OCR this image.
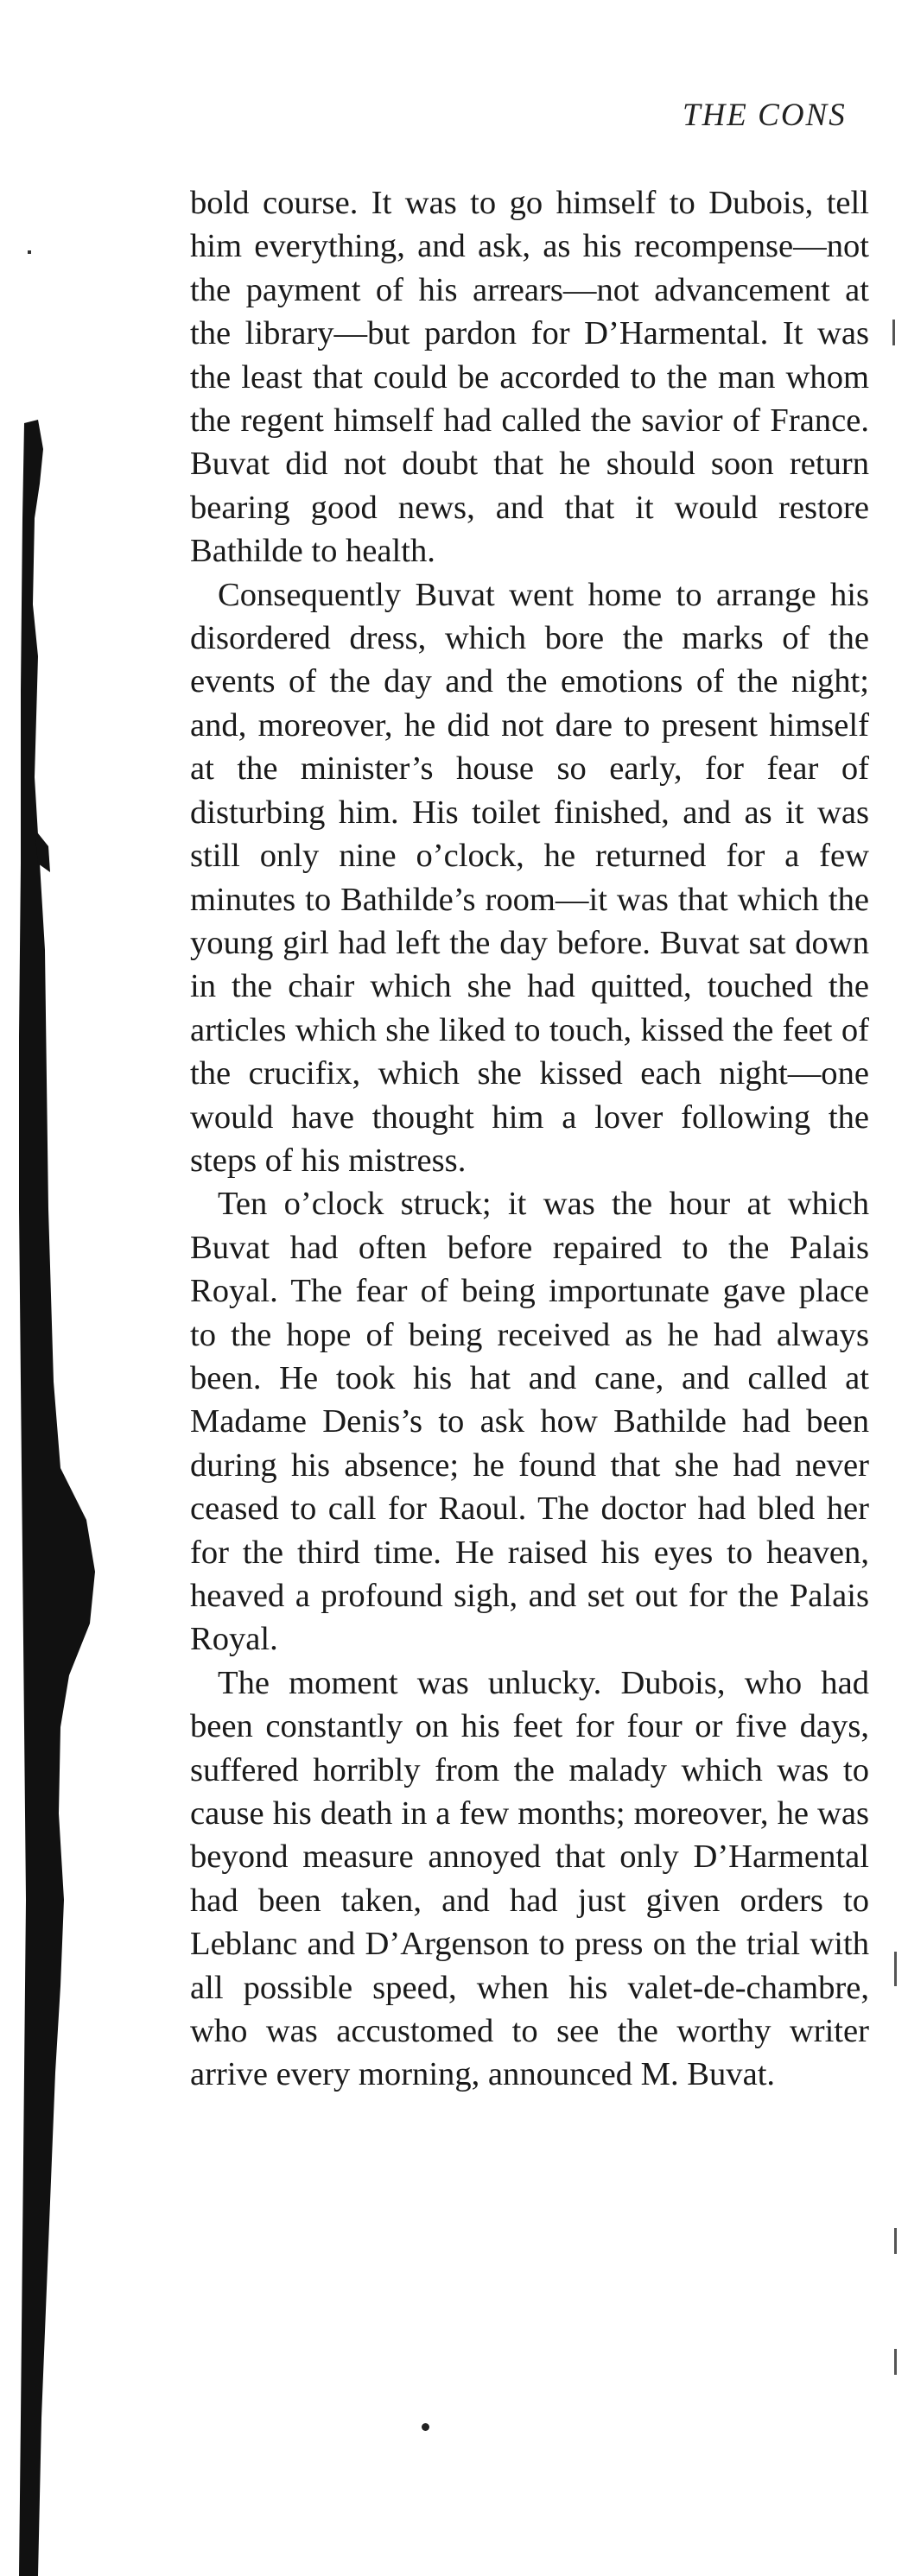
THE CONS

bold course. It was to go himself to Dubois, tell him everything, and ask, as his recompense—not the payment of his arrears—not advancement at the library—but pardon for D’Harmental. It was the least that could be accorded to the man whom the regent himself had called the savior of France. Buvat did not doubt that he should soon return bearing good news, and that it would restore Bathilde to health.

Consequently Buvat went home to arrange his disordered dress, which bore the marks of the events of the day and the emotions of the night; and, moreover, he did not dare to present himself at the minister’s house so early, for fear of disturbing him. His toilet finished, and as it was still only nine o’clock, he returned for a few minutes to Bathilde’s room—it was that which the young girl had left the day before. Buvat sat down in the chair which she had quitted, touched the articles which she liked to touch, kissed the feet of the crucifix, which she kissed each night—one would have thought him a lover following the steps of his mistress.

Ten o’clock struck; it was the hour at which Buvat had often before repaired to the Palais Royal. The fear of being importunate gave place to the hope of being received as he had always been. He took his hat and cane, and called at Madame Denis’s to ask how Bathilde had been during his absence; he found that she had never ceased to call for Raoul. The doctor had bled her for the third time. He raised his eyes to heaven, heaved a profound sigh, and set out for the Palais Royal.

The moment was unlucky. Dubois, who had been constantly on his feet for four or five days, suffered horribly from the malady which was to cause his death in a few months; moreover, he was beyond measure annoyed that only D’Harmental had been taken, and had just given orders to Leblanc and D’Argenson to press on the trial with all possible speed, when his valet-de-chambre, who was accustomed to see the worthy writer arrive every morning, announced M. Buvat.
